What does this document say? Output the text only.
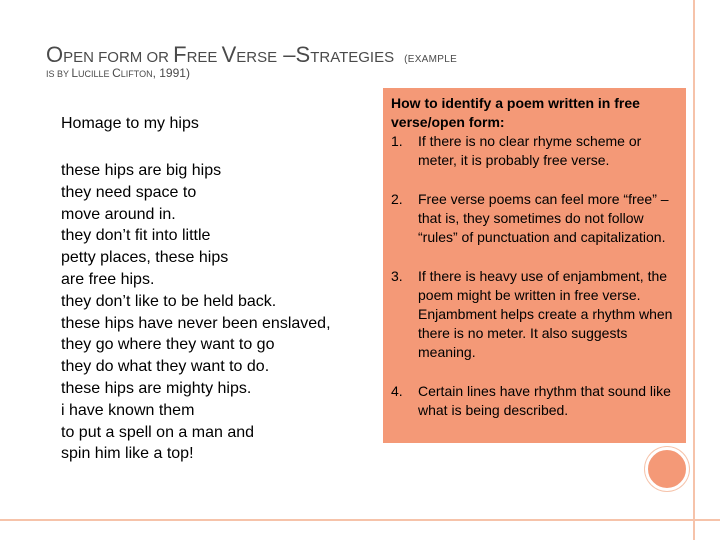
OPEN FORM OR FREE VERSE –STRATEGIES (EXAMPLE

IS BY LUCILLE CLIFTON, 1991)

Homage to my hips

these hips are big hips
they need space to
move around in.
they don’t fit into little
petty places, these hips
are free hips.
they don’t like to be held back.
these hips have never been enslaved,
they go where they want to go
they do what they want to do.
these hips are mighty hips.
i have known them
to put a spell on a man and
spin him like a top!

How to identify a poem written in free verse/open form:

1. If there is no clear rhyme scheme or meter, it is probably free verse.
2. Free verse poems can feel more “free” – that is, they sometimes do not follow “rules” of punctuation and capitalization.
3. If there is heavy use of enjambment, the poem might be written in free verse. Enjambment helps create a rhythm when there is no meter. It also suggests meaning.
4. Certain lines have rhythm that sound like what is being described.
